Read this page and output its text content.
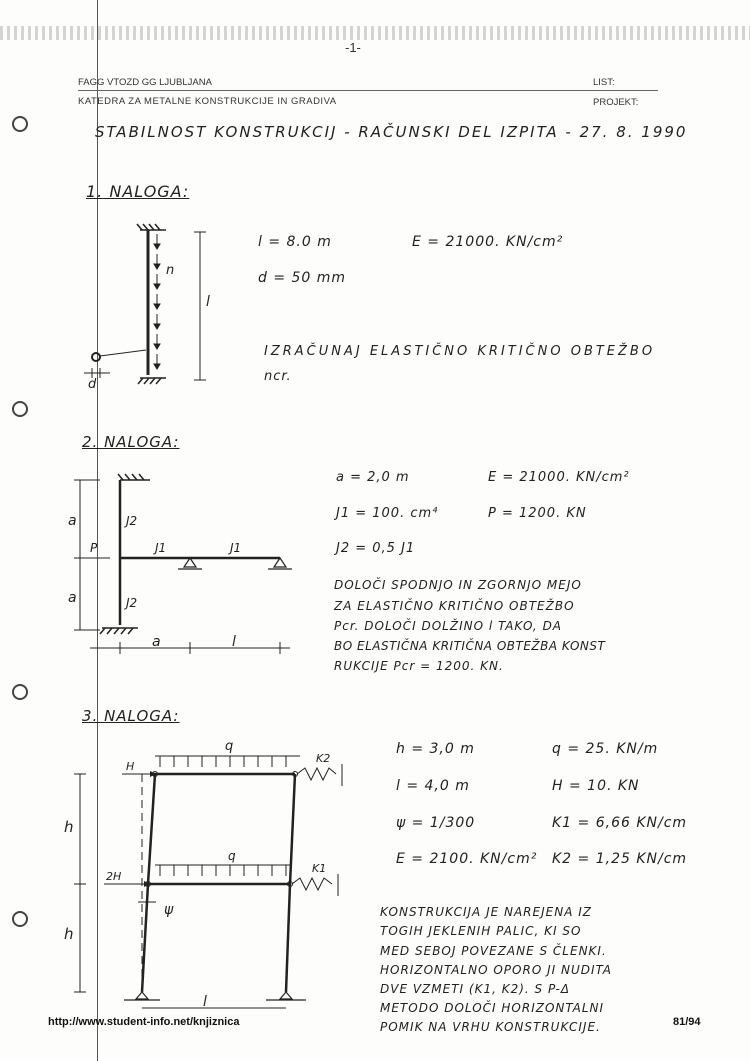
-1-
FAGG VTOZD GG LJUBLJANA	LIST:
KATEDRA ZA METALNE KONSTRUKCIJE IN GRADIVA	PROJEKT:
STABILNOST KONSTRUKCIJ - RAČUNSKI DEL IZPITA - 27. 8. 1990
1. NALOGA:
n
l
d
l = 8.0 m	E = 21000. KN/cm²
d = 50 mm
IZRAČUNAJ ELASTIČNO KRITIČNO OBTEŽBO
ncr.
2. NALOGA:
a
a
J2
J2
J1	J1
P
a	l
a = 2,0 m	E = 21000. KN/cm²
J1 = 100. cm⁴	P = 1200. KN
J2 = 0,5 J1
DOLOČI SPODNJO IN ZGORNJO MEJO
ZA ELASTIČNO KRITIČNO OBTEŽBO
Pcr. DOLOČI DOLŽINO l TAKO, DA
BO ELASTIČNA KRITIČNA OBTEŽBA KONST
RUKCIJE Pcr = 1200. KN.
3. NALOGA:
q
H
K2
q
2H
K1
ψ
h
h
l
h = 3,0 m	q = 25. KN/m
l = 4,0 m	H = 10. KN
ψ = 1/300	K1 = 6,66 KN/cm
E = 2100. KN/cm² K2 = 1,25 KN/cm
KONSTRUKCIJA JE NAREJENA IZ
TOGIH JEKLENIH PALIC, KI SO
MED SEBOJ POVEZANE S ČLENKI.
HORIZONTALNO OPORO JI NUDITA
DVE VZMETI (K1, K2). S P-Δ
METODO DOLOČI HORIZONTALNI
POMIK NA VRHU KONSTRUKCIJE.
http://www.student-info.net/knjiznica	81/94
